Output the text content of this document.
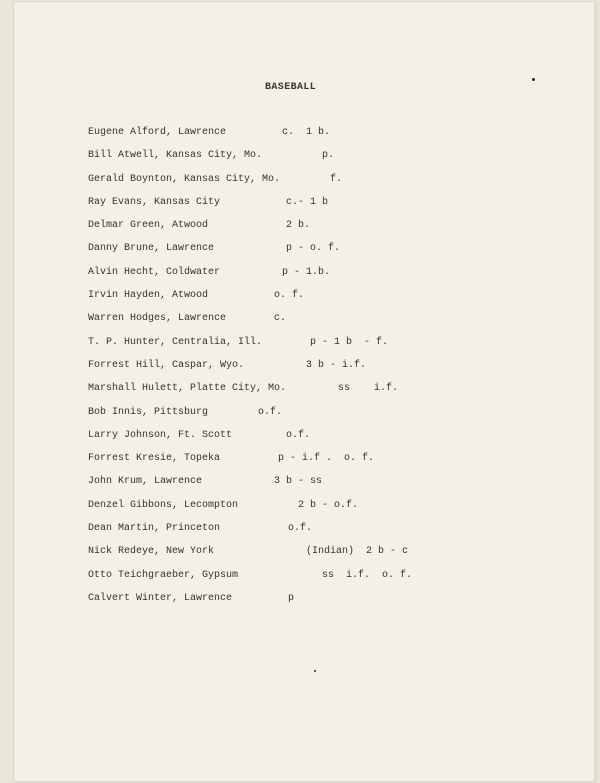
BASEBALL
Eugene Alford, Lawrence	c.  1 b.
Bill Atwell, Kansas City, Mo.	p.
Gerald Boynton, Kansas City, Mo.	f.
Ray Evans, Kansas City	c.- 1 b
Delmar Green, Atwood	2 b.
Danny Brune, Lawrence	p - o. f.
Alvin Hecht, Coldwater	p - 1.b.
Irvin Hayden, Atwood	o. f.
Warren Hodges, Lawrence	c.
T. P. Hunter, Centralia, Ill.	p - 1 b  - f.
Forrest Hill, Caspar, Wyo.	3 b - i.f.
Marshall Hulett, Platte City, Mo.	ss    i.f.
Bob Innis, Pittsburg	o.f.
Larry Johnson, Ft. Scott	o.f.
Forrest Kresie, Topeka	p - i.f .  o. f.
John Krum, Lawrence	3 b - ss
Denzel Gibbons, Lecompton	2 b - o.f.
Dean Martin, Princeton	o.f.
Nick Redeye, New York	(Indian)  2 b - c
Otto Teichgraeber, Gypsum	ss  i.f.  o. f.
Calvert Winter, Lawrence	p
